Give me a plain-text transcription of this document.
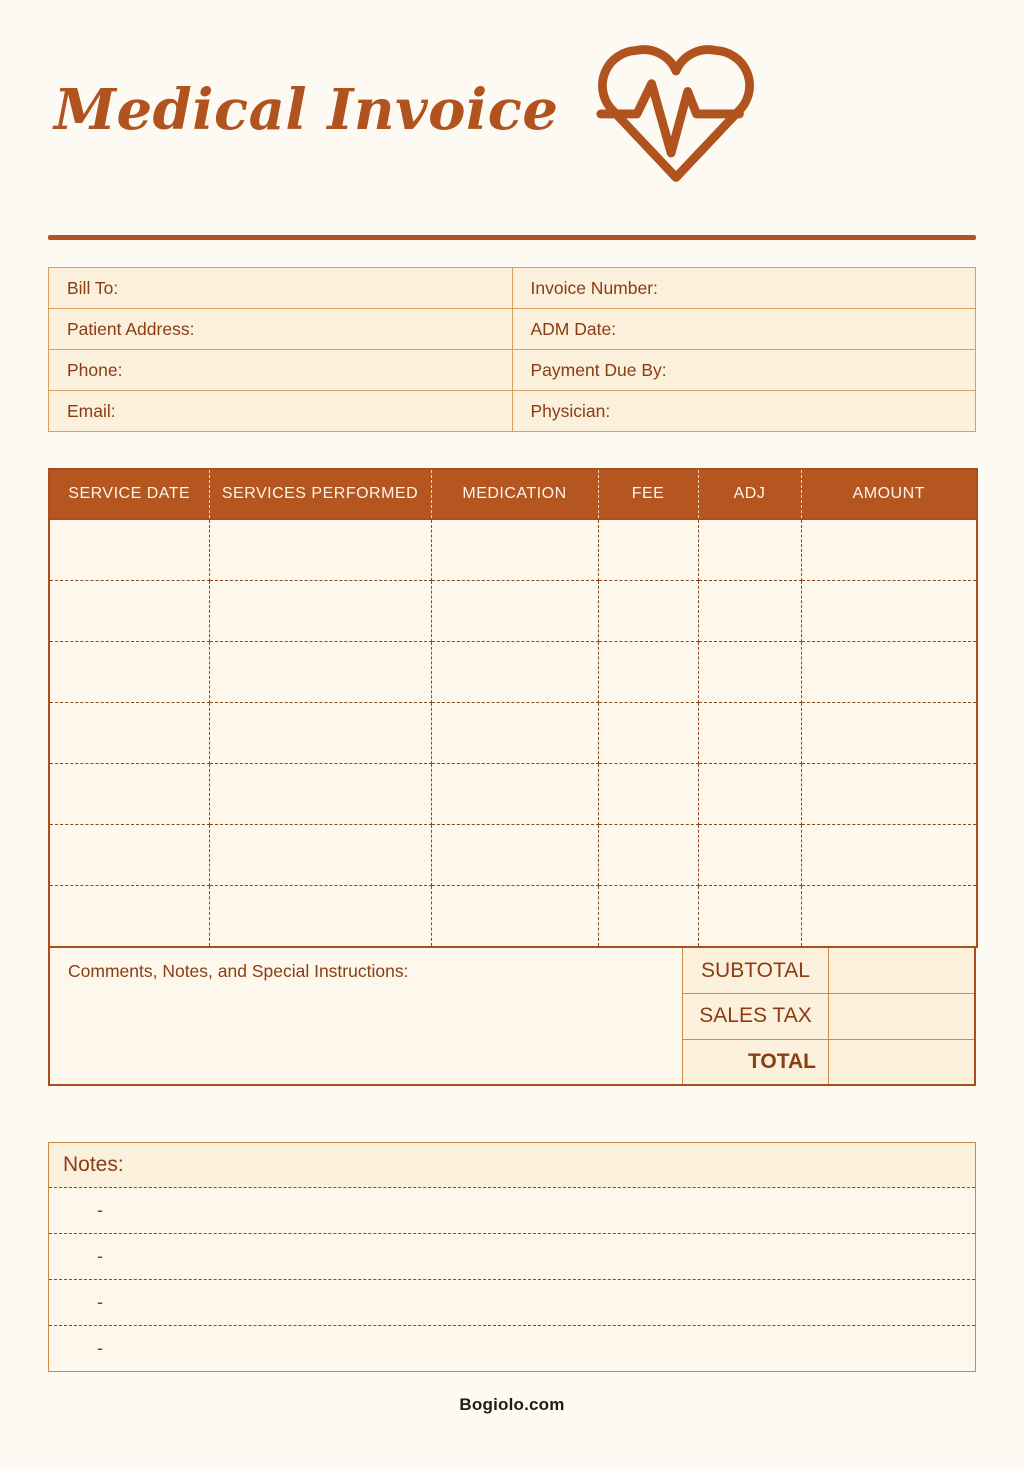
Medical Invoice
Bill To:	Invoice Number:
Patient Address:	ADM Date:
Phone:	Payment Due By:
Email:	Physician:
SERVICE DATE	SERVICES PERFORMED	MEDICATION	FEE	ADJ	AMOUNT

Comments, Notes, and Special Instructions:	SUBTOTAL
SALES TAX
TOTAL
Notes:
-
-
-
-
Bogiolo.com
